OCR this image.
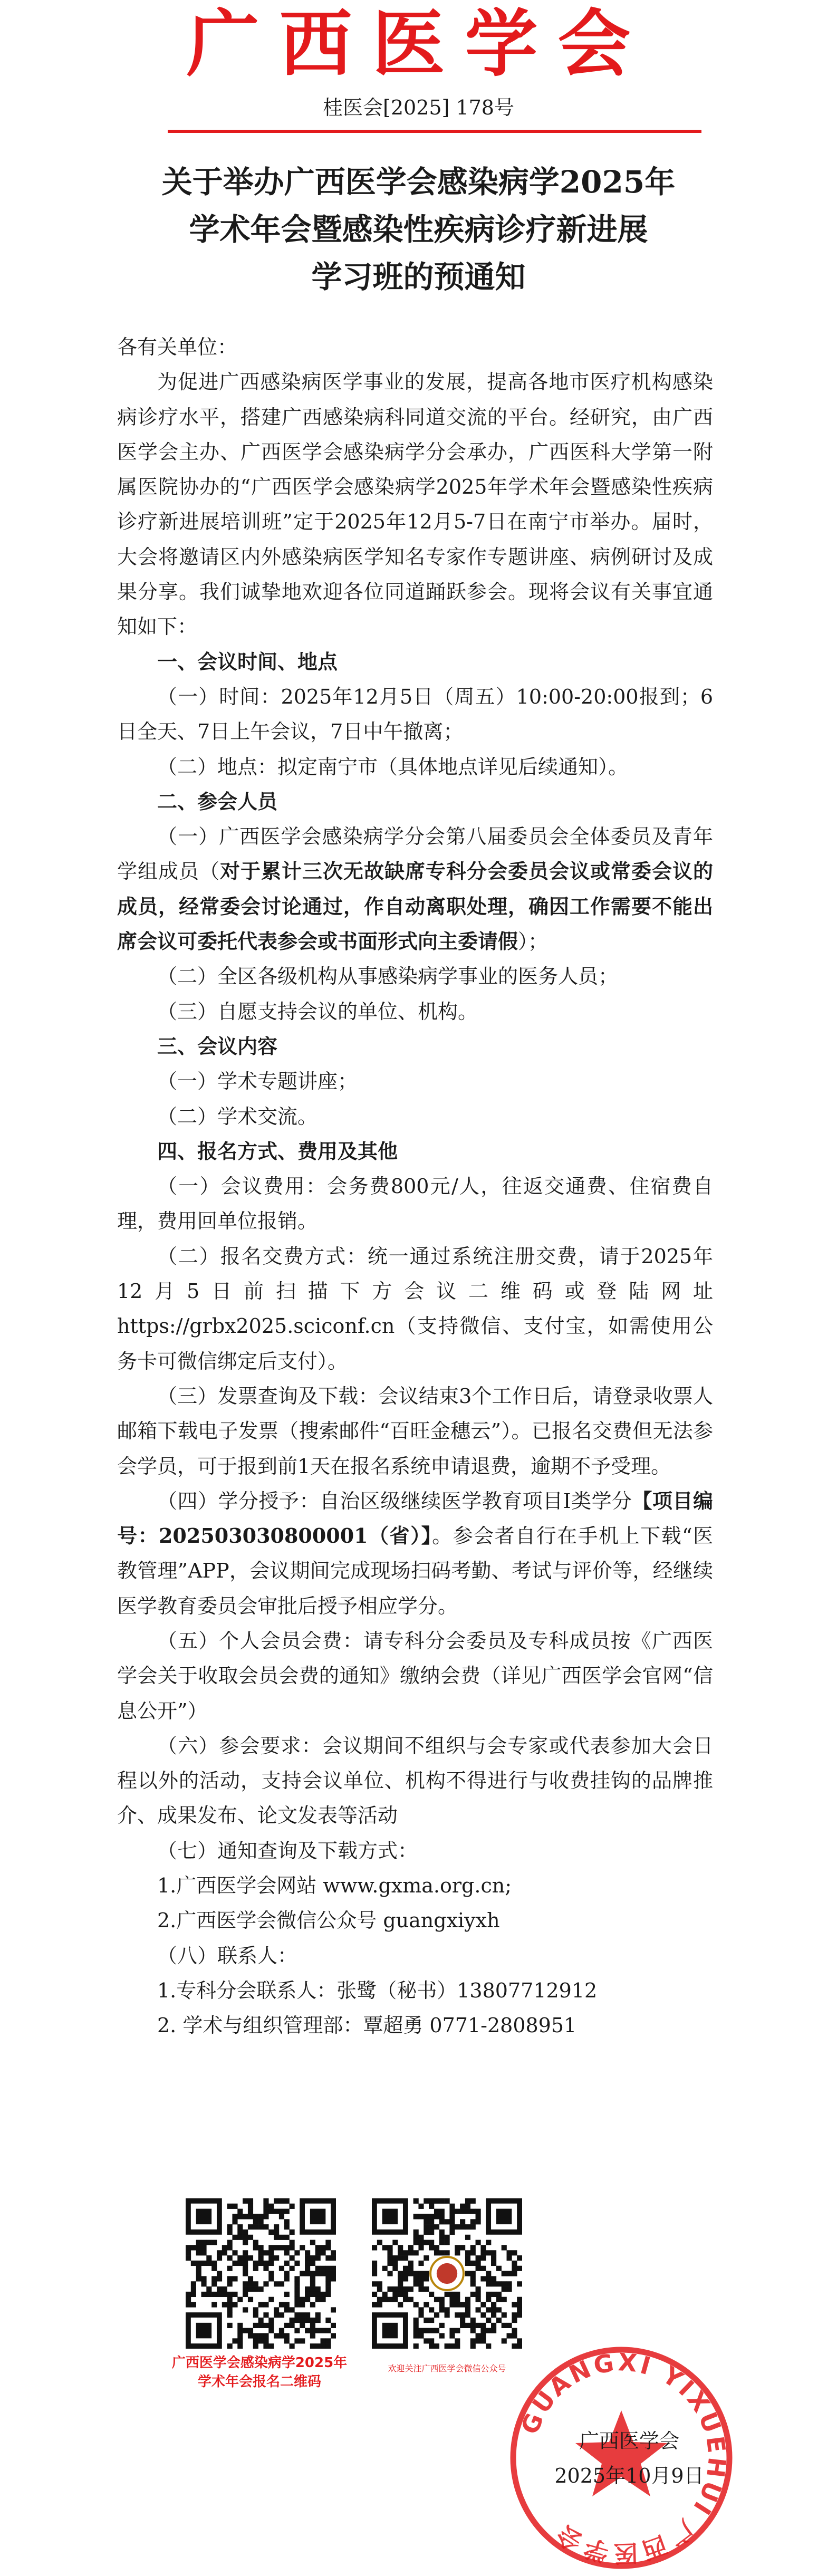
广西医学会
桂医会[2025] 178号
关于举办广西医学会感染病学2025年
学术年会暨感染性疾病诊疗新进展
学习班的预通知

各有关单位：

为促进广西感染病医学事业的发展，提高各地市医疗机构感染病诊疗水平，搭建广西感染病科同道交流的平台。经研究，由广西医学会主办、广西医学会感染病学分会承办，广西医科大学第一附属医院协办的“广西医学会感染病学2025年学术年会暨感染性疾病诊疗新进展培训班”定于2025年12月5-7日在南宁市举办。届时，大会将邀请区内外感染病医学知名专家作专题讲座、病例研讨及成果分享。我们诚挚地欢迎各位同道踊跃参会。现将会议有关事宜通知如下：

一、会议时间、地点

（一）时间：2025年12月5日（周五）10:00-20:00报到；6日全天、7日上午会议，7日中午撤离；

（二）地点：拟定南宁市（具体地点详见后续通知）。

二、参会人员

（一）广西医学会感染病学分会第八届委员会全体委员及青年学组成员（对于累计三次无故缺席专科分会委员会议或常委会议的成员，经常委会讨论通过，作自动离职处理，确因工作需要不能出席会议可委托代表参会或书面形式向主委请假）；

（二）全区各级机构从事感染病学事业的医务人员；

（三）自愿支持会议的单位、机构。

三、会议内容

（一）学术专题讲座；

（二）学术交流。

四、报名方式、费用及其他

（一）会议费用：会务费800元/人，往返交通费、住宿费自理，费用回单位报销。

（二）报名交费方式：统一通过系统注册交费，请于2025年12月5日前扫描下方会议二维码或登陆网址https://grbx2025.sciconf.cn（支持微信、支付宝，如需使用公务卡可微信绑定后支付）。

（三）发票查询及下载：会议结束3个工作日后，请登录收票人邮箱下载电子发票（搜索邮件“百旺金穗云”）。已报名交费但无法参会学员，可于报到前1天在报名系统申请退费，逾期不予受理。

（四）学分授予：自治区级继续医学教育项目I类学分【项目编号：202503030800001（省）】。参会者自行在手机上下载“医教管理”APP，会议期间完成现场扫码考勤、考试与评价等，经继续医学教育委员会审批后授予相应学分。

（五）个人会员会费：请专科分会委员及专科成员按《广西医学会关于收取会员会费的通知》缴纳会费（详见广西医学会官网“信息公开”）

（六）参会要求：会议期间不组织与会专家或代表参加大会日程以外的活动，支持会议单位、机构不得进行与收费挂钩的品牌推介、成果发布、论文发表等活动

（七）通知查询及下载方式：

1.广西医学会网站 www.gxma.org.cn;

2.广西医学会微信公众号 guangxiyxh

（八）联系人：

1.专科分会联系人：张鹭（秘书）13807712912

2. 学术与组织管理部：覃超勇 0771-2808951

广西医学会感染病学2025年
学术年会报名二维码
欢迎关注广西医学会微信公众号
GUANGXI YIXUEHUI 广西医学会
广西医学会
2025年10月9日
